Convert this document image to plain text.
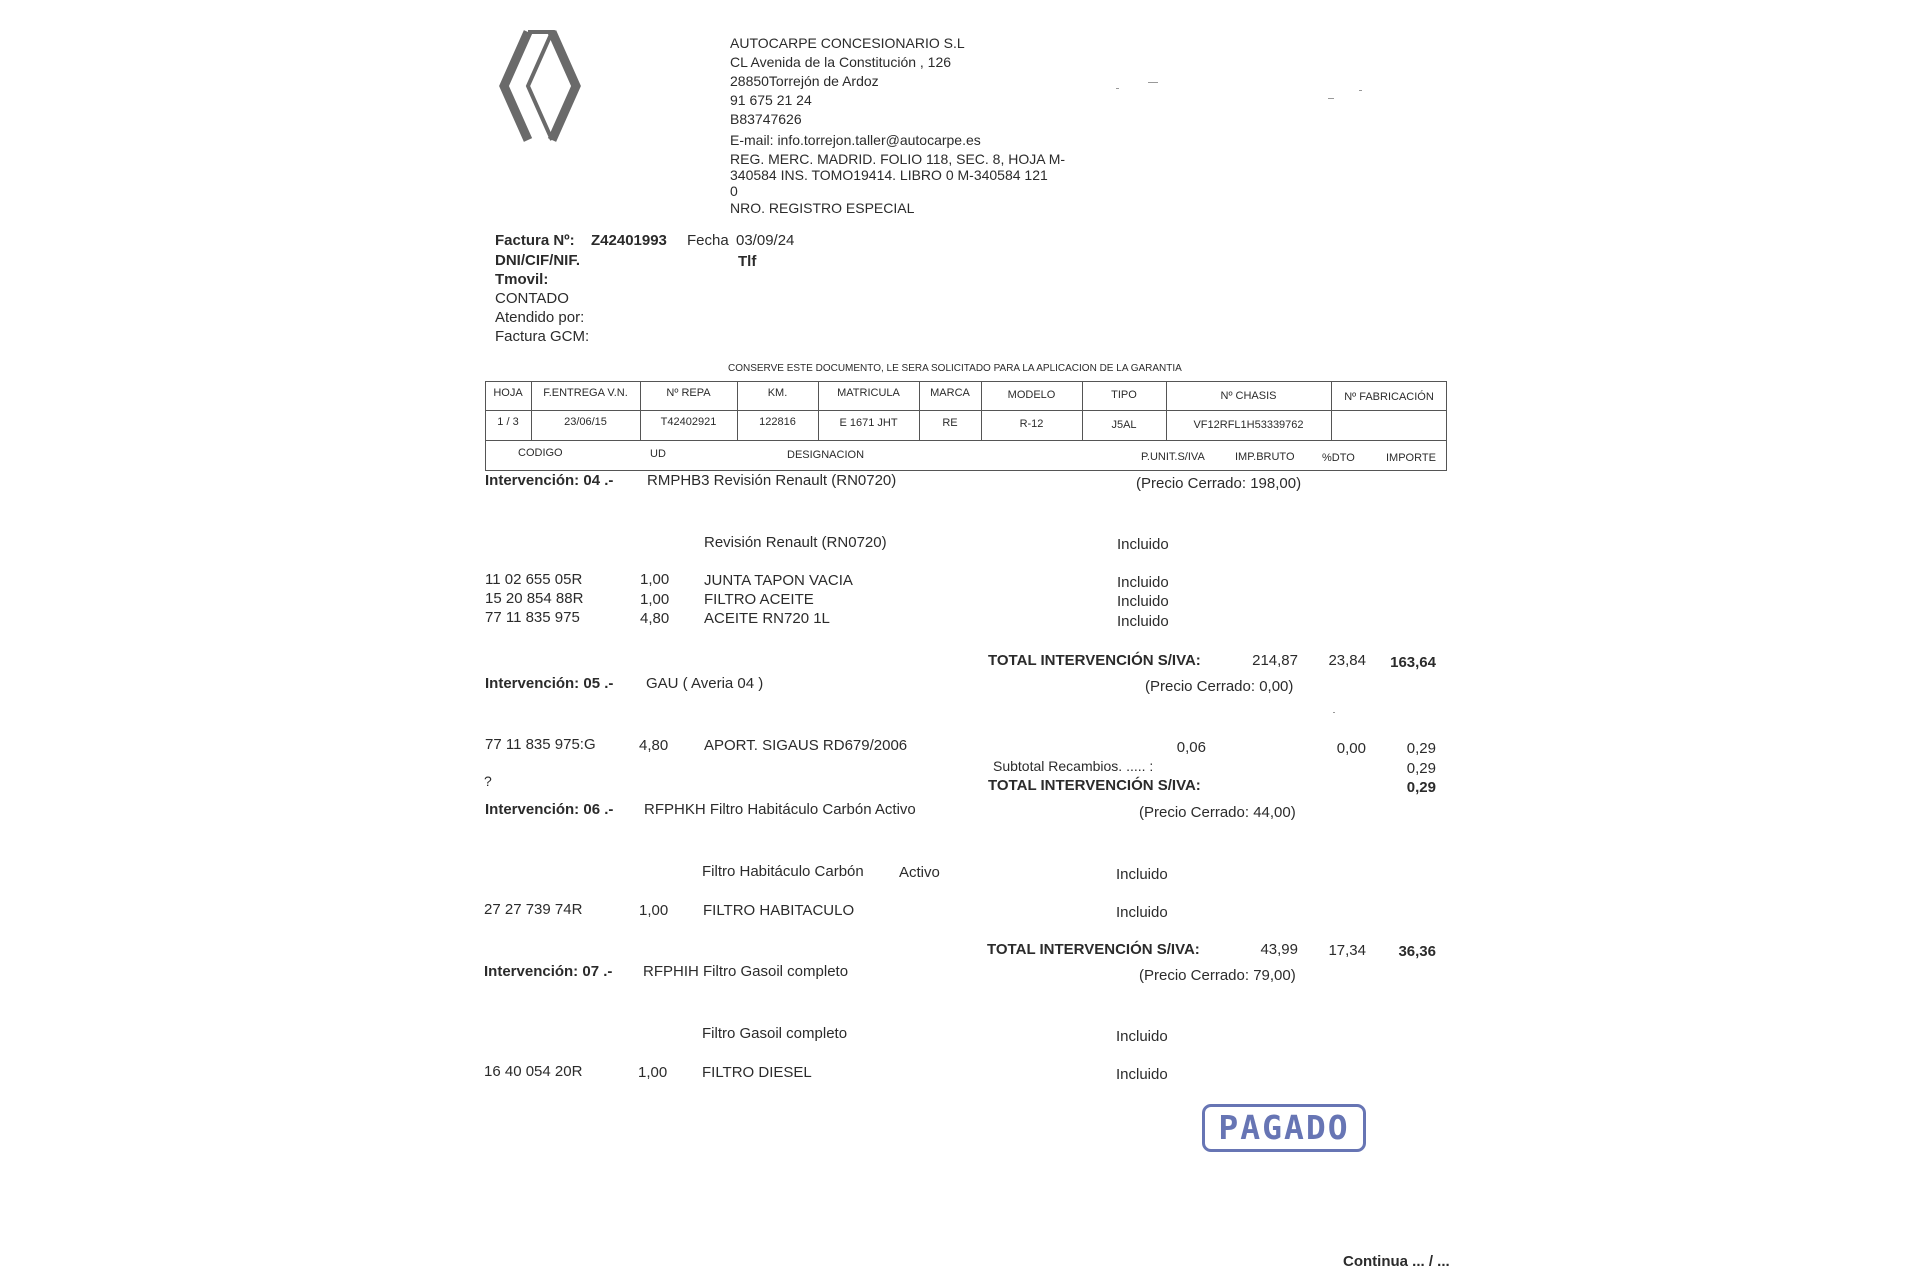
AUTOCARPE CONCESIONARIO S.L
CL Avenida de la Constitución , 126
28850Torrejón de Ardoz
91 675 21 24
B83747626
E-mail: info.torrejon.taller@autocarpe.es
REG. MERC. MADRID. FOLIO 118, SEC. 8, HOJA M-
340584 INS. TOMO19414. LIBRO 0 M-340584 121
0
NRO. REGISTRO ESPECIAL
Factura Nº: Z42401993 Fecha 03/09/24
DNI/CIF/NIF.	Tlf
Tmovil:
CONTADO
Atendido por:
Factura GCM:
CONSERVE ESTE DOCUMENTO, LE SERA SOLICITADO PARA LA APLICACION DE LA GARANTIA
HOJA	F.ENTREGA V.N.	Nº REPA	KM.	MATRICULA	MARCA	MODELO	TIPO	Nº CHASIS	Nº FABRICACIÓN
1 / 3	23/06/15	T42402921	122816	E 1671 JHT	RE	R-12	J5AL	VF12RFL1H53339762
CODIGO	UD	DESIGNACION	P.UNIT.S/IVA	IMP.BRUTO	%DTO	IMPORTE
Intervención: 04 .- RMPHB3 Revisión Renault (RN0720)	(Precio Cerrado: 198,00)
Revisión Renault (RN0720)	Incluido
11 02 655 05R	1,00 JUNTA TAPON VACIA	Incluido
15 20 854 88R	1,00 FILTRO ACEITE	Incluido
77 11 835 975	4,80 ACEITE RN720 1L	Incluido
TOTAL INTERVENCIÓN S/IVA:	214,87	23,84	163,64
Intervención: 05 .- GAU ( Averia 04 )	(Precio Cerrado: 0,00)
77 11 835 975:G	4,80 APORT. SIGAUS RD679/2006	0,06	0,00	0,29
Subtotal Recambios. ..... :	0,29
?	TOTAL INTERVENCIÓN S/IVA:	0,29
Intervención: 06 .- RFPHKH Filtro Habitáculo Carbón Activo	(Precio Cerrado: 44,00)
Filtro Habitáculo Carbón Activo	Incluido
27 27 739 74R	1,00 FILTRO HABITACULO	Incluido
TOTAL INTERVENCIÓN S/IVA:	43,99	17,34	36,36
Intervención: 07 .- RFPHIH Filtro Gasoil completo	(Precio Cerrado: 79,00)
Filtro Gasoil completo	Incluido
16 40 054 20R	1,00 FILTRO DIESEL	Incluido
PAGADO
Continua ... / ...
